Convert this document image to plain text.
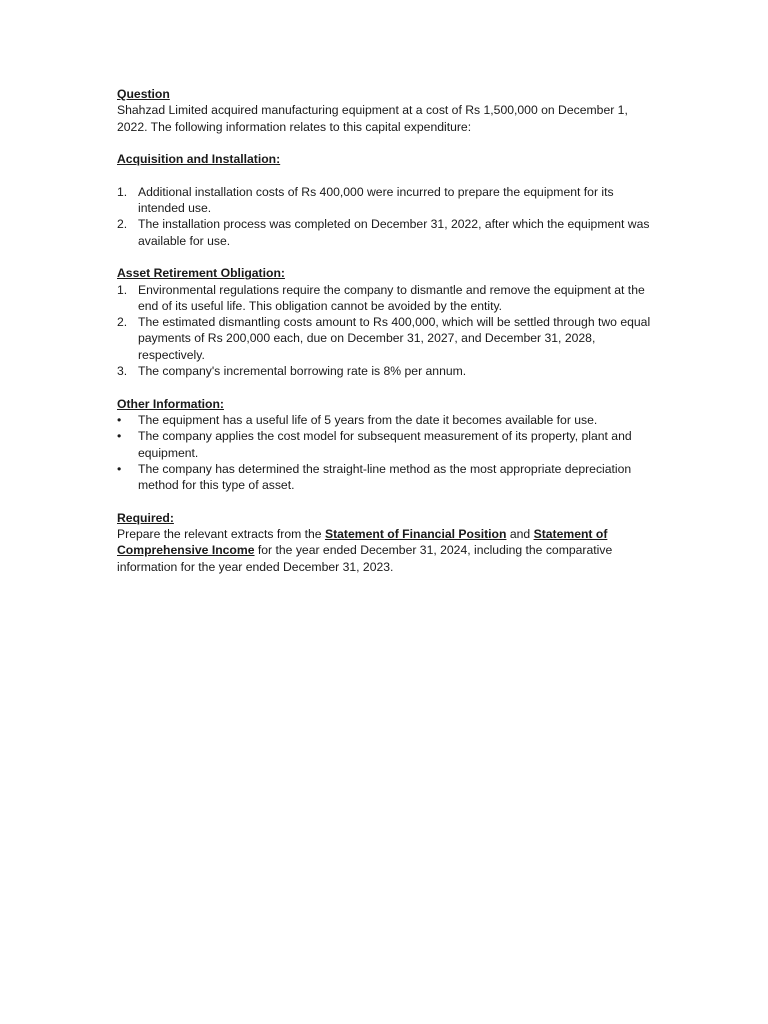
Question

Shahzad Limited acquired manufacturing equipment at a cost of Rs 1,500,000 on December 1, 2022. The following information relates to this capital expenditure:

Acquisition and Installation:

1. Additional installation costs of Rs 400,000 were incurred to prepare the equipment for its intended use.
2. The installation process was completed on December 31, 2022, after which the equipment was available for use.

Asset Retirement Obligation:

1. Environmental regulations require the company to dismantle and remove the equipment at the end of its useful life. This obligation cannot be avoided by the entity.
2. The estimated dismantling costs amount to Rs 400,000, which will be settled through two equal payments of Rs 200,000 each, due on December 31, 2027, and December 31, 2028, respectively.
3. The company's incremental borrowing rate is 8% per annum.

Other Information:

•	The equipment has a useful life of 5 years from the date it becomes available for use.
•	The company applies the cost model for subsequent measurement of its property, plant and equipment.
•	The company has determined the straight-line method as the most appropriate depreciation method for this type of asset.

Required:

Prepare the relevant extracts from the Statement of Financial Position and Statement of Comprehensive Income for the year ended December 31, 2024, including the comparative information for the year ended December 31, 2023.
